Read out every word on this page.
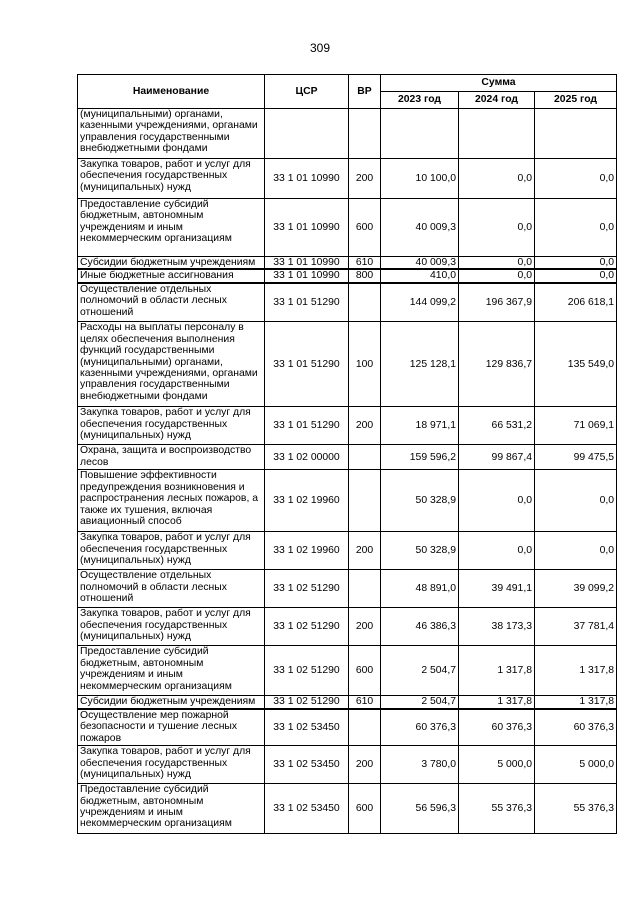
309
Наименование	ЦСР	ВР	Сумма		
			2023 год	2024 год	2025 год
(муниципальными) органами, казенными учреждениями, органами управления государственными внебюджетными фондами					
Закупка товаров, работ и услуг для обеспечения государственных (муниципальных) нужд	33 1 01 10990	200	10 100,0	0,0	0,0
Предоставление субсидий бюджетным, автономным учреждениям и иным некоммерческим организациям	33 1 01 10990	600	40 009,3	0,0	0,0
Субсидии бюджетным учреждениям	33 1 01 10990	610	40 009,3	0,0	0,0
Иные бюджетные ассигнования	33 1 01 10990	800	410,0	0,0	0,0
Осуществление отдельных полномочий в области лесных отношений	33 1 01 51290		144 099,2	196 367,9	206 618,1
Расходы на выплаты персоналу в целях обеспечения выполнения функций государственными (муниципальными) органами, казенными учреждениями, органами управления государственными внебюджетными фондами	33 1 01 51290	100	125 128,1	129 836,7	135 549,0
Закупка товаров, работ и услуг для обеспечения государственных (муниципальных) нужд	33 1 01 51290	200	18 971,1	66 531,2	71 069,1
Охрана, защита и воспроизводство лесов	33 1 02 00000		159 596,2	99 867,4	99 475,5
Повышение эффективности предупреждения возникновения и распространения лесных пожаров, а также их тушения, включая авиационный способ	33 1 02 19960		50 328,9	0,0	0,0
Закупка товаров, работ и услуг для обеспечения государственных (муниципальных) нужд	33 1 02 19960	200	50 328,9	0,0	0,0
Осуществление отдельных полномочий в области лесных отношений	33 1 02 51290		48 891,0	39 491,1	39 099,2
Закупка товаров, работ и услуг для обеспечения государственных (муниципальных) нужд	33 1 02 51290	200	46 386,3	38 173,3	37 781,4
Предоставление субсидий бюджетным, автономным учреждениям и иным некоммерческим организациям	33 1 02 51290	600	2 504,7	1 317,8	1 317,8
Субсидии бюджетным учреждениям	33 1 02 51290	610	2 504,7	1 317,8	1 317,8
Осуществление мер пожарной безопасности и тушение лесных пожаров	33 1 02 53450		60 376,3	60 376,3	60 376,3
Закупка товаров, работ и услуг для обеспечения государственных (муниципальных) нужд	33 1 02 53450	200	3 780,0	5 000,0	5 000,0
Предоставление субсидий бюджетным, автономным учреждениям и иным некоммерческим организациям	33 1 02 53450	600	56 596,3	55 376,3	55 376,3
